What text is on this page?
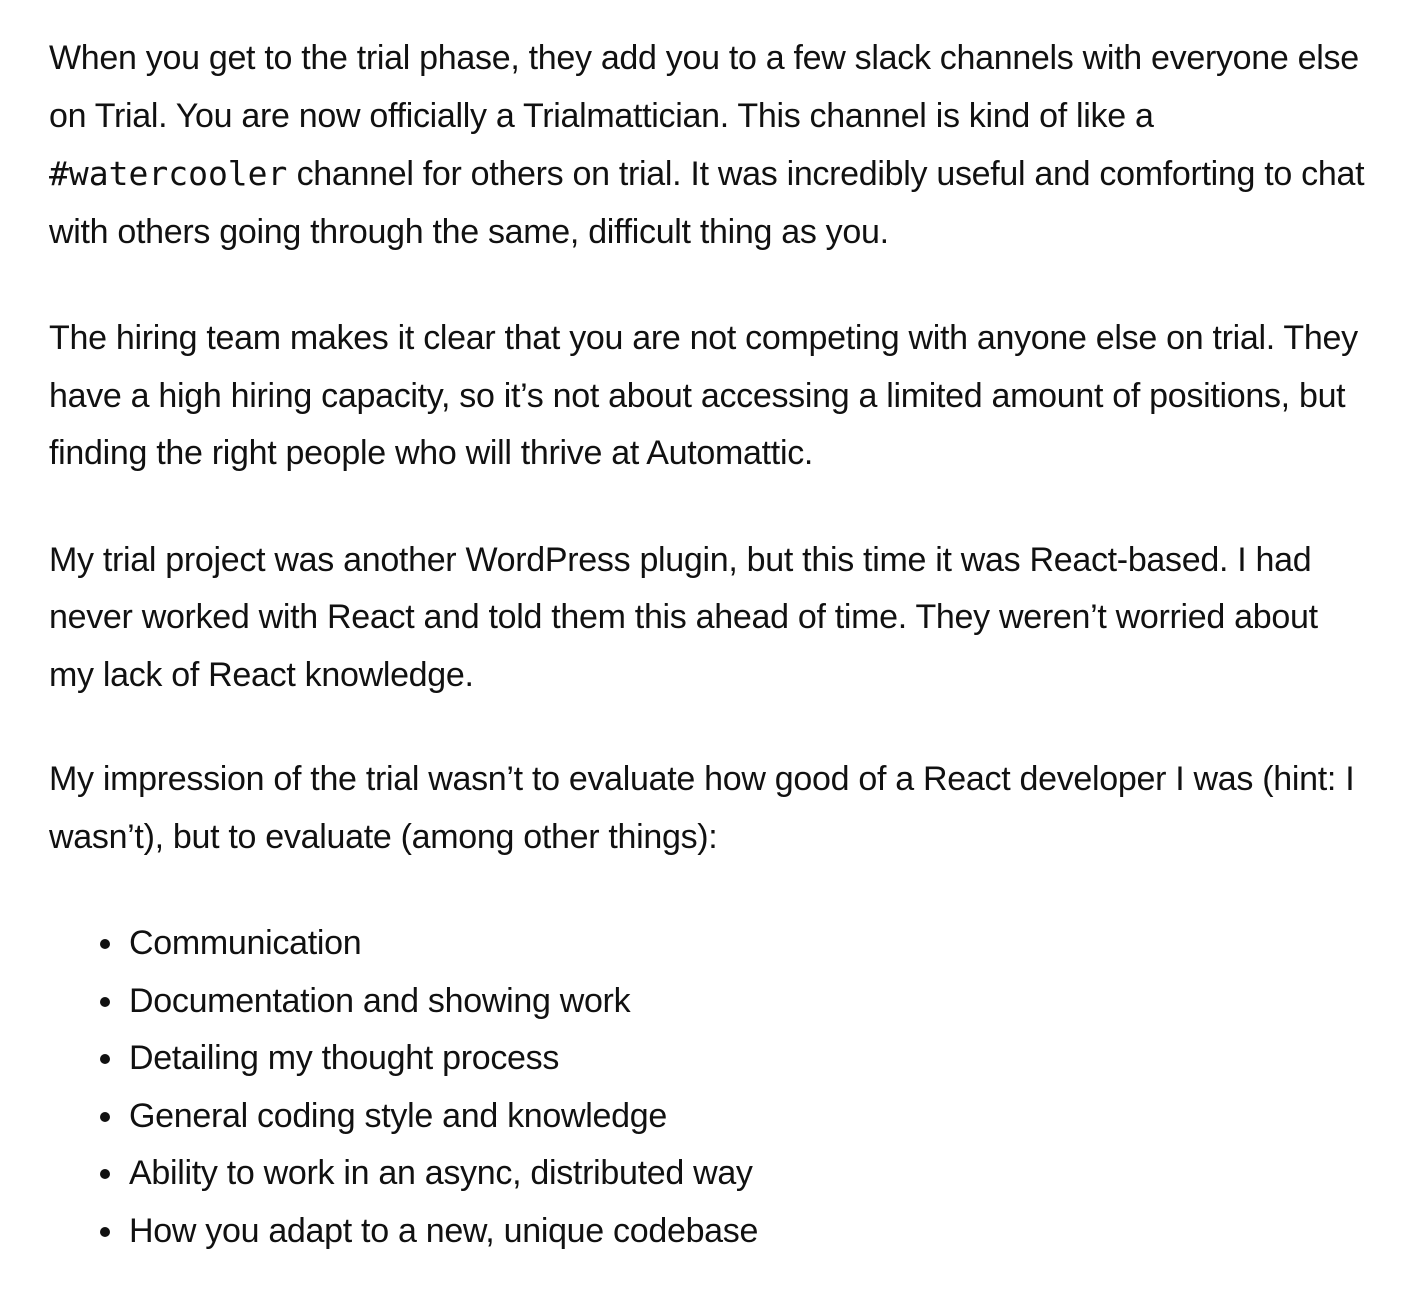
When you get to the trial phase, they add you to a few slack channels with everyone else on Trial. You are now officially a Trialmattician. This channel is kind of like a #watercooler channel for others on trial. It was incredibly useful and comforting to chat with others going through the same, difficult thing as you.

The hiring team makes it clear that you are not competing with anyone else on trial. They have a high hiring capacity, so it’s not about accessing a limited amount of positions, but finding the right people who will thrive at Automattic.

My trial project was another WordPress plugin, but this time it was React-based. I had never worked with React and told them this ahead of time. They weren’t worried about my lack of React knowledge.

My impression of the trial wasn’t to evaluate how good of a React developer I was (hint: I wasn’t), but to evaluate (among other things):

Communication
Documentation and showing work
Detailing my thought process
General coding style and knowledge
Ability to work in an async, distributed way
How you adapt to a new, unique codebase
